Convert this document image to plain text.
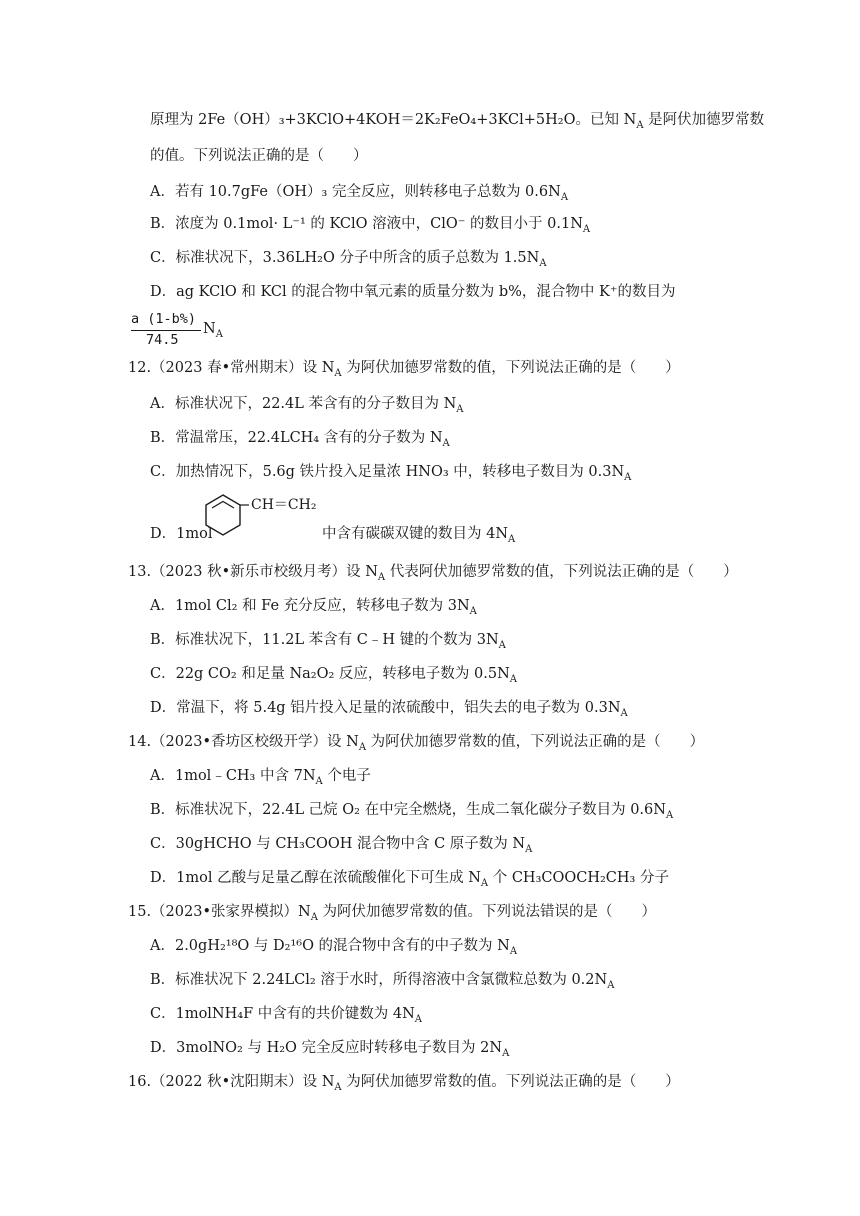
原理为 2Fe（OH）₃+3KClO+4KOH＝2K₂FeO₄+3KCl+5H₂O。已知 $N_A$ 是阿伏加德罗常数
的值。下列说法正确的是（　　）
A．若有 10.7gFe（OH）₃ 完全反应，则转移电子总数为 $0.6N_A$
B．浓度为 0.1mol· L⁻¹ 的 KClO 溶液中，ClO⁻ 的数目小于 $0.1N_A$
C．标准状况下，3.36LH₂O 分子中所含的质子总数为 $1.5N_A$
D．ag KClO 和 KCl 的混合物中氧元素的质量分数为 b%，混合物中 K⁺的数目为
a (1-b%)
74.5
$N_A$
12.（2023 春•常州期末）设 $N_A$ 为阿伏加德罗常数的值，下列说法正确的是（　　）
A．标准状况下，22.4L 苯含有的分子数目为 $N_A$
B．常温常压，22.4LCH₄ 含有的分子数为 $N_A$
C．加热情况下，5.6g 铁片投入足量浓 HNO₃ 中，转移电子数目为 $0.3N_A$
D．1mol
CH＝CH₂
中含有碳碳双键的数目为 $4N_A$
13.（2023 秋•新乐市校级月考）设 $N_A$ 代表阿伏加德罗常数的值，下列说法正确的是（　　）
A．1mol Cl₂ 和 Fe 充分反应，转移电子数为 $3N_A$
B．标准状况下，11.2L 苯含有 C﹣H 键的个数为 $3N_A$
C．22g CO₂ 和足量 Na₂O₂ 反应，转移电子数为 $0.5N_A$
D．常温下，将 5.4g 铝片投入足量的浓硫酸中，铝失去的电子数为 $0.3N_A$
14.（2023•香坊区校级开学）设 $N_A$ 为阿伏加德罗常数的值，下列说法正确的是（　　）
A．1mol﹣CH₃ 中含 $7N_A$ 个电子
B．标准状况下，22.4L 己烷 O₂ 在中完全燃烧，生成二氧化碳分子数目为 $0.6N_A$
C．30gHCHO 与 CH₃COOH 混合物中含 C 原子数为 $N_A$
D．1mol 乙酸与足量乙醇在浓硫酸催化下可生成 $N_A$ 个 CH₃COOCH₂CH₃ 分子
15.（2023•张家界模拟）$N_A$ 为阿伏加德罗常数的值。下列说法错误的是（　　）
A．2.0gH₂¹⁸O 与 D₂¹⁶O 的混合物中含有的中子数为 $N_A$
B．标准状况下 2.24LCl₂ 溶于水时，所得溶液中含氯微粒总数为 $0.2N_A$
C．1molNH₄F 中含有的共价键数为 $4N_A$
D．3molNO₂ 与 H₂O 完全反应时转移电子数目为 $2N_A$
16.（2022 秋•沈阳期末）设 $N_A$ 为阿伏加德罗常数的值。下列说法正确的是（　　）
